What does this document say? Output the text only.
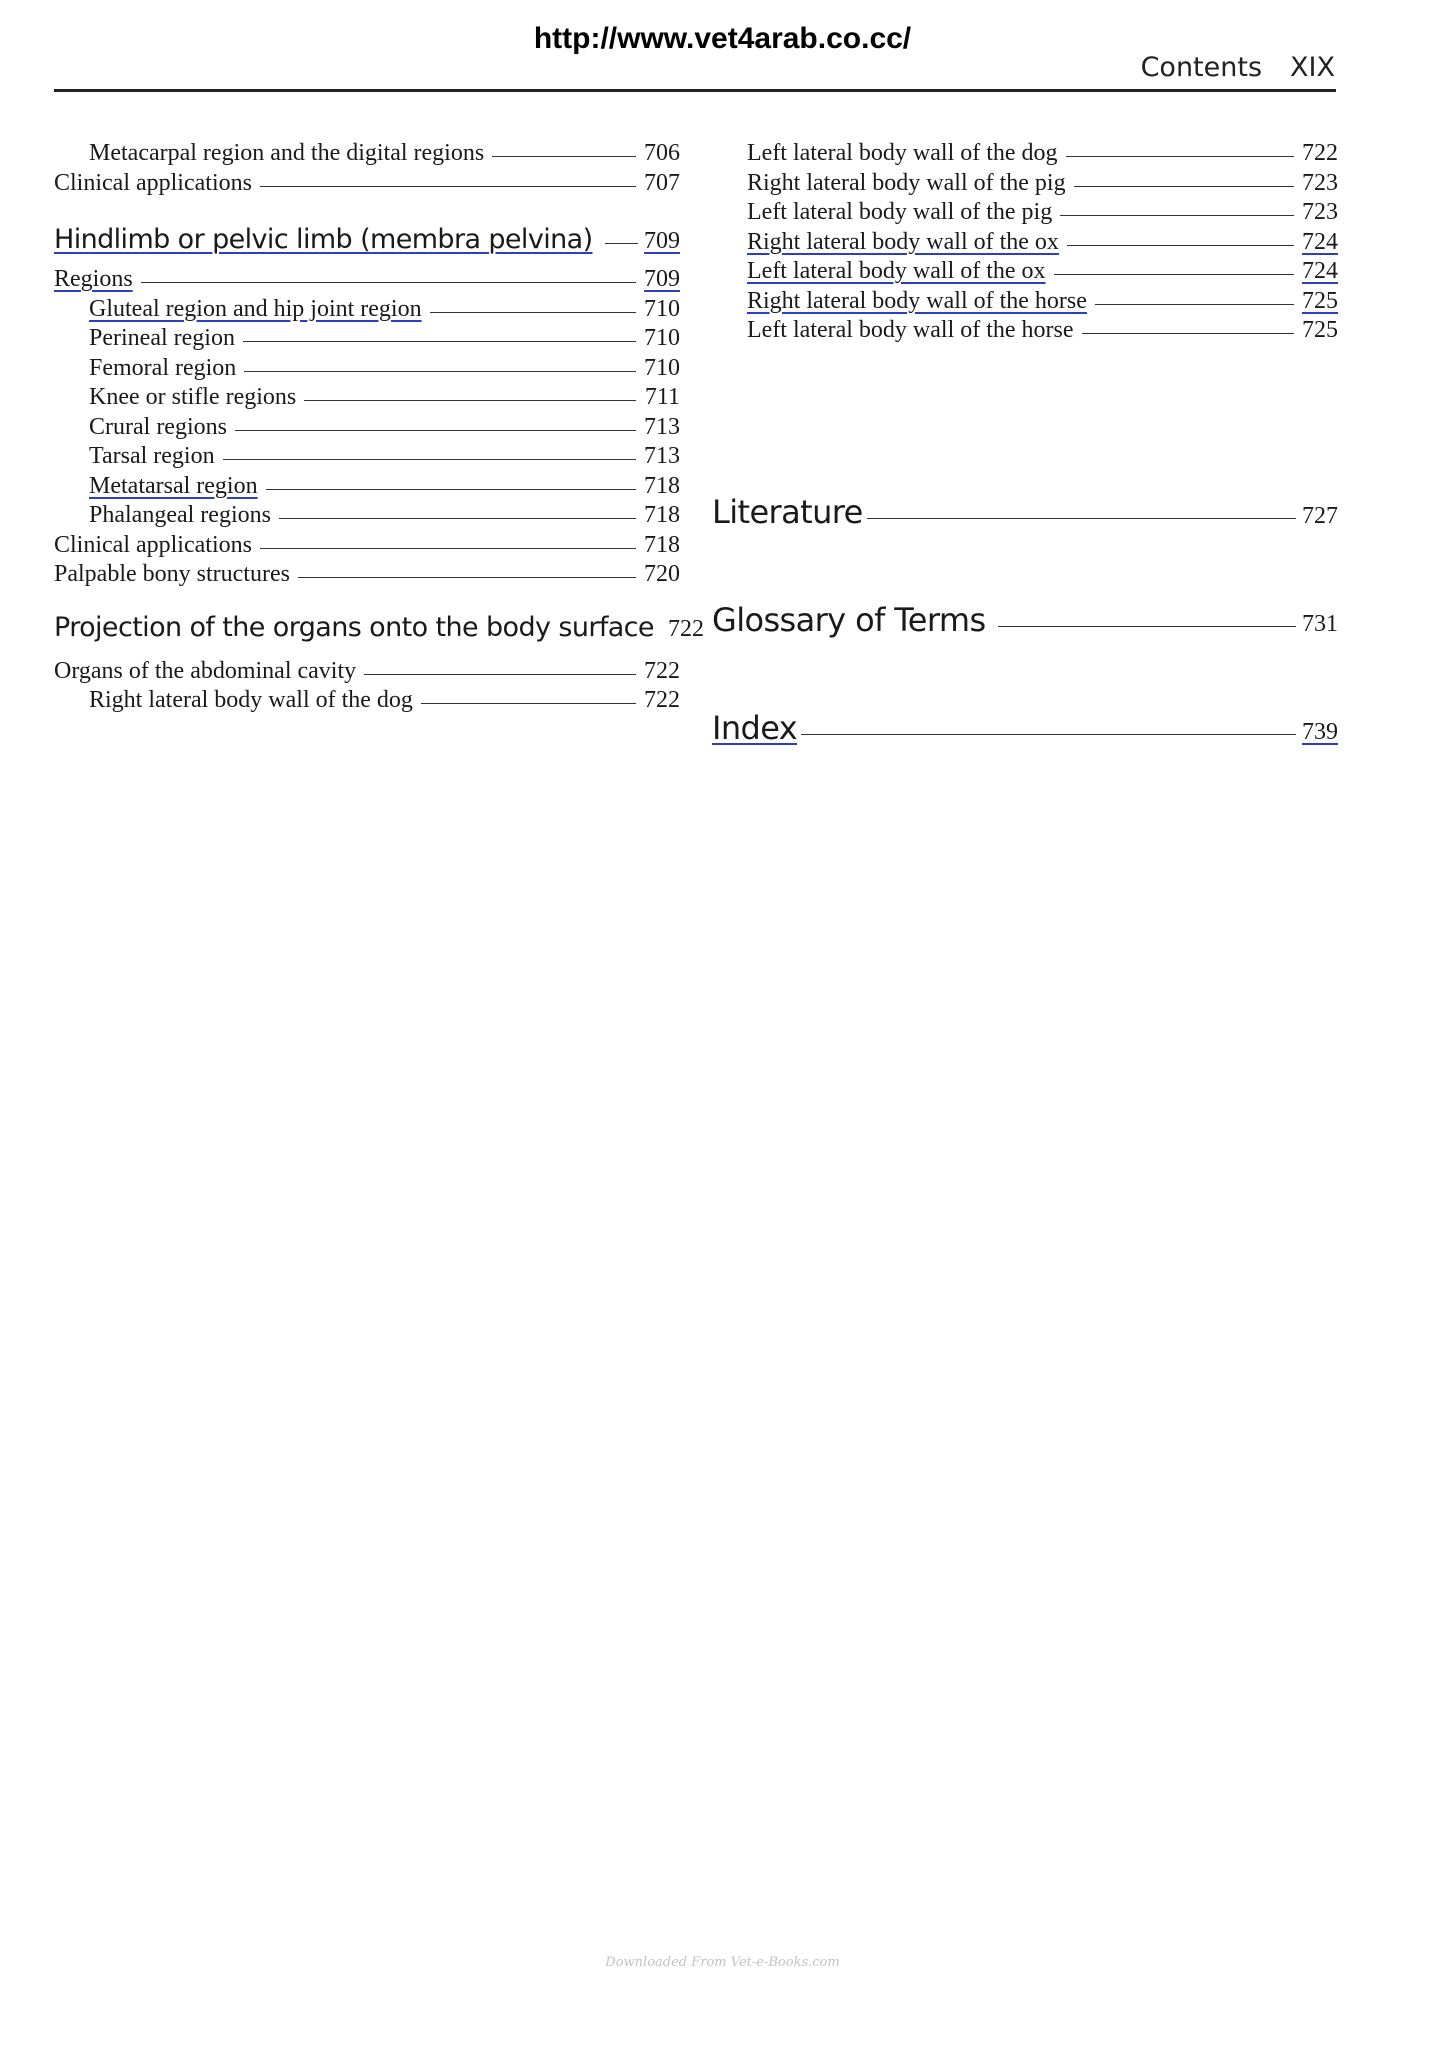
http://www.vet4arab.co.cc/
Contents XIX
Metacarpal region and the digital regions	706
Clinical applications	707
Hindlimb or pelvic limb (membra pelvina) 709
Regions	709
Gluteal region and hip joint region	710
Perineal region	710
Femoral region	710
Knee or stifle regions	711
Crural regions	713
Tarsal region	713
Metatarsal region	718
Phalangeal regions	718
Clinical applications	718
Palpable bony structures	720
Projection of the organs onto the body surface 722
Organs of the abdominal cavity	722
Right lateral body wall of the dog	722
Left lateral body wall of the dog	722
Right lateral body wall of the pig	723
Left lateral body wall of the pig	723
Right lateral body wall of the ox	724
Left lateral body wall of the ox	724
Right lateral body wall of the horse	725
Left lateral body wall of the horse	725
Literature	727
Glossary of Terms	731
Index	739
Downloaded From Vet-e-Books.com
